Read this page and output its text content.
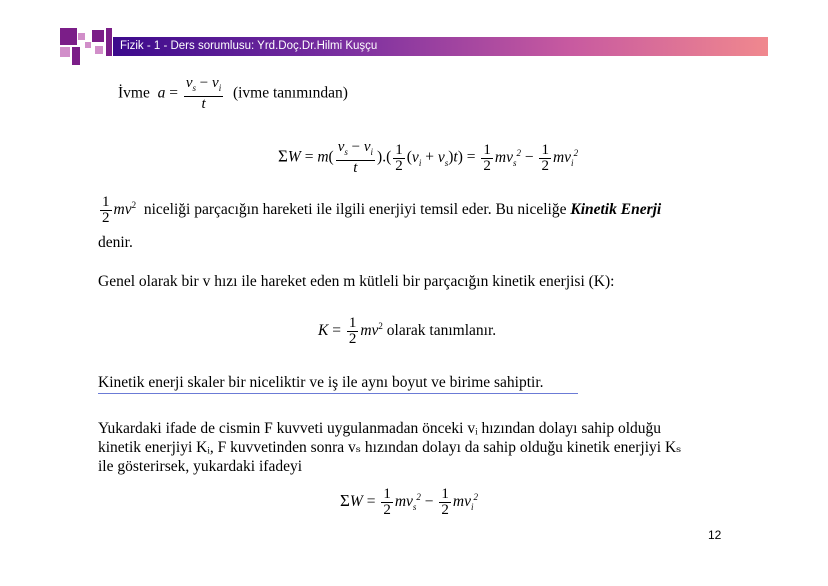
Fizik - 1 - Ders sorumlusu: Yrd.Doç.Dr.Hilmi Kuşçu
İvme  $a = \frac{v_s - v_i}{t}$ (ivme tanımından)
$\Sigma W = m( \frac{v_s - v_i}{t}$ ).( $\frac{1}{2} (v_i + v_s)t) = \frac{1}{2} mv_s^2 - \frac{1}{2} mv_i^2$
$\frac{1}{2} mv^2$ niceliği parçacığın hareketi ile ilgili enerjiyi temsil eder. Bu niceliğe Kinetik Enerji
denir.
Genel olarak bir v hızı ile hareket eden m kütleli bir parçacığın kinetik enerjisi (K):
$K = \frac{1}{2} mv^2$ olarak tanımlanır.
Kinetik enerji skaler bir niceliktir ve iş ile aynı boyut ve birime sahiptir.
Yukardaki ifade de cismin F kuvveti uygulanmadan önceki vᵢ hızından dolayı sahip olduğu
kinetik enerjiyi Kᵢ, F kuvvetinden sonra vₛ hızından dolayı da sahip olduğu kinetik enerjiyi Kₛ
ile gösterirsek, yukardaki ifadeyi
$\Sigma W = \frac{1}{2} mv_s^2 - \frac{1}{2} mv_i^2$
12
